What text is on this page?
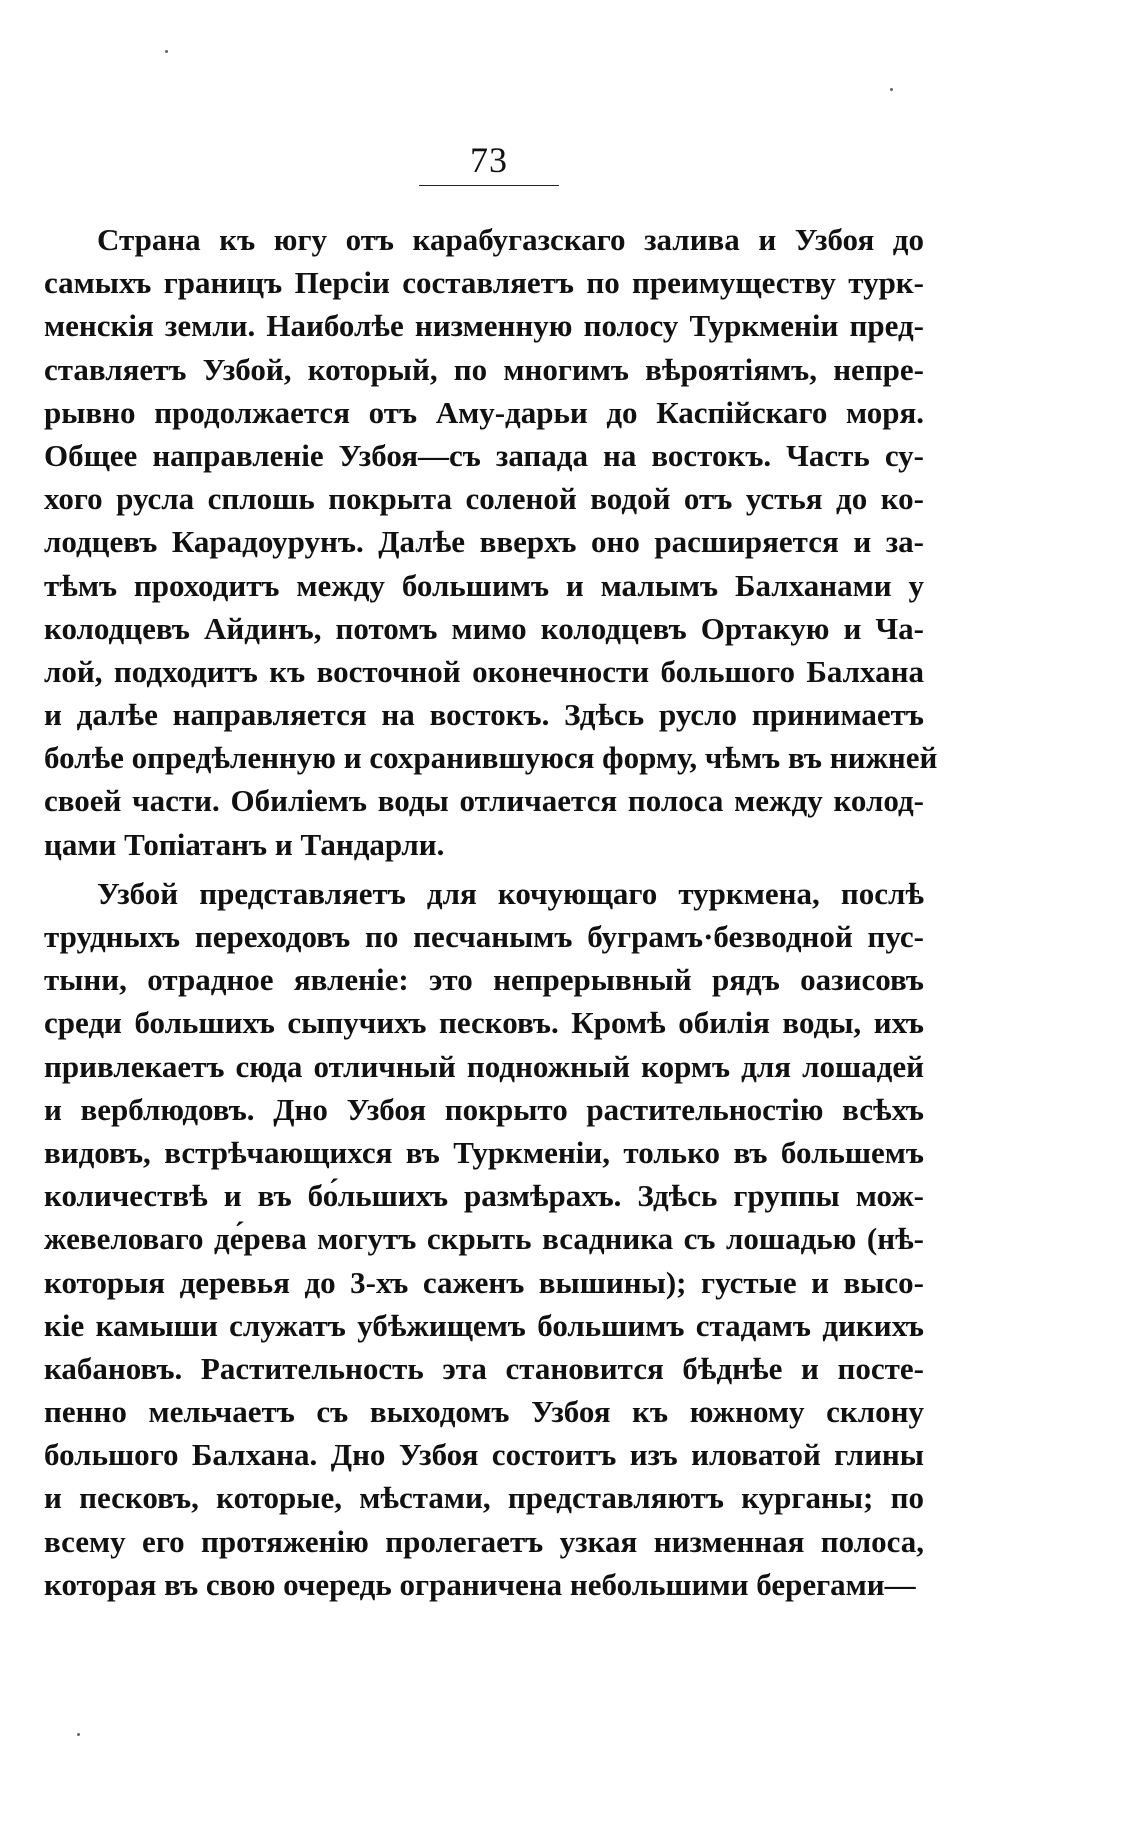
73
Страна къ югу отъ карабугазскаго залива и Узбоя до
самыхъ границъ Персіи составляетъ по преимуществу турк-
менскія земли. Наиболѣе низменную полосу Туркменіи пред-
ставляетъ Узбой, который, по многимъ вѣроятіямъ, непре-
рывно продолжается отъ Аму-дарьи до Каспійскаго моря.
Общее направленіе Узбоя—съ запада на востокъ. Часть су-
хого русла сплошь покрыта соленой водой отъ устья до ко-
лодцевъ Карадоурунъ. Далѣе вверхъ оно расширяется и за-
тѣмъ проходитъ между большимъ и малымъ Балханами у
колодцевъ Айдинъ, потомъ мимо колодцевъ Ортакую и Ча-
лой, подходитъ къ восточной оконечности большого Балхана
и далѣе направляется на востокъ. Здѣсь русло принимаетъ
болѣе опредѣленную и сохранившуюся форму, чѣмъ въ нижней
своей части. Обиліемъ воды отличается полоса между колод-
цами Топіатанъ и Тандарли.
Узбой представляетъ для кочующаго туркмена, послѣ
трудныхъ переходовъ по песчанымъ буграмъ·безводной пус-
тыни, отрадное явленіе: это непрерывный рядъ оазисовъ
среди большихъ сыпучихъ песковъ. Кромѣ обилія воды, ихъ
привлекаетъ сюда отличный подножный кормъ для лошадей
и верблюдовъ. Дно Узбоя покрыто растительностію всѣхъ
видовъ, встрѣчающихся въ Туркменіи, только въ большемъ
количествѣ и въ бо́льшихъ размѣрахъ. Здѣсь группы мож-
жевеловаго де́рева могутъ скрыть всадника съ лошадью (нѣ-
которыя деревья до 3-хъ саженъ вышины); густые и высо-
кіе камыши служатъ убѣжищемъ большимъ стадамъ дикихъ
кабановъ. Растительность эта становится бѣднѣе и посте-
пенно мельчаетъ съ выходомъ Узбоя къ южному склону
большого Балхана. Дно Узбоя состоитъ изъ иловатой глины
и песковъ, которые, мѣстами, представляютъ курганы; по
всему его протяженію пролегаетъ узкая низменная полоса,
которая въ свою очередь ограничена небольшими берегами—
